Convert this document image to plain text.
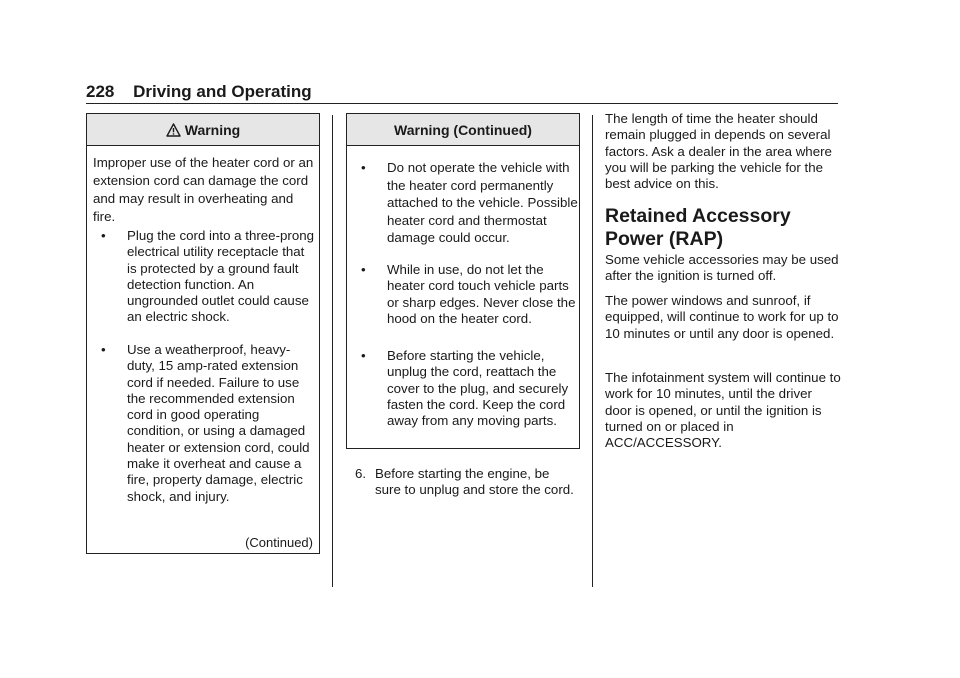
228 Driving and Operating
Warning
Improper use of the heater cord or an extension cord can damage the cord and may result in overheating and fire.
• Plug the cord into a three-prong electrical utility receptacle that is protected by a ground fault detection function. An ungrounded outlet could cause an electric shock.
• Use a weatherproof, heavy-duty, 15 amp-rated extension cord if needed. Failure to use the recommended extension cord in good operating condition, or using a damaged heater or extension cord, could make it overheat and cause a fire, property damage, electric shock, and injury.
(Continued)
Warning (Continued)
• Do not operate the vehicle with the heater cord permanently attached to the vehicle. Possible heater cord and thermostat damage could occur.
• While in use, do not let the heater cord touch vehicle parts or sharp edges. Never close the hood on the heater cord.
• Before starting the vehicle, unplug the cord, reattach the cover to the plug, and securely fasten the cord. Keep the cord away from any moving parts.
6. Before starting the engine, be sure to unplug and store the cord.
The length of time the heater should remain plugged in depends on several factors. Ask a dealer in the area where you will be parking the vehicle for the best advice on this.
Retained Accessory Power (RAP)
Some vehicle accessories may be used after the ignition is turned off.
The power windows and sunroof, if equipped, will continue to work for up to 10 minutes or until any door is opened.
The infotainment system will continue to work for 10 minutes, until the driver door is opened, or until the ignition is turned on or placed in ACC/ACCESSORY.
